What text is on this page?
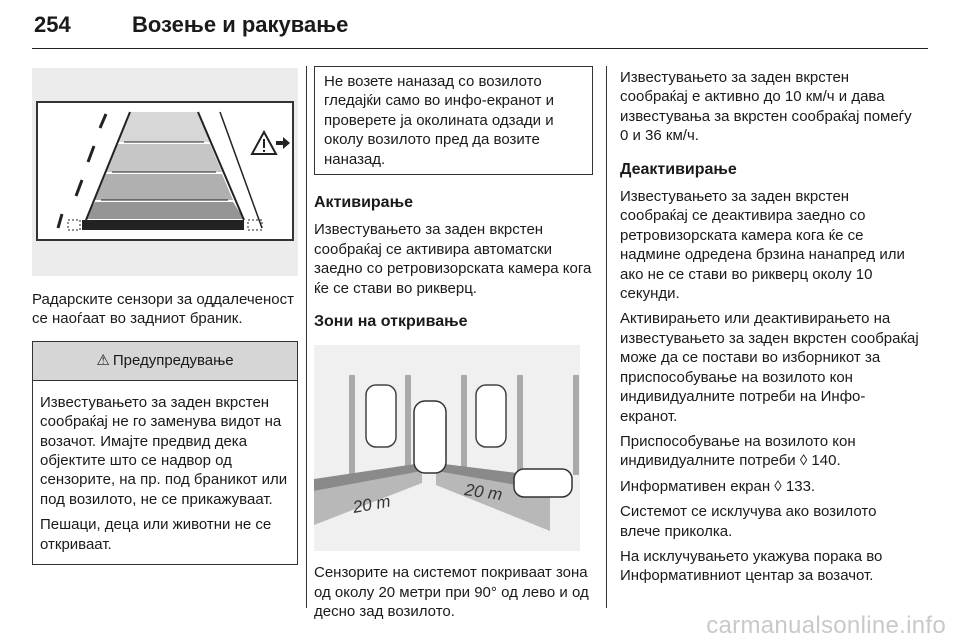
254	Возење и ракување

Радарските сензори за оддалеченост се наоѓаат во задниот браник.

⚠ Предупредување

Известувањето за заден вкрстен сообраќај не го заменува видот на возачот. Имајте предвид дека објектите што се надвор од сензорите, на пр. под браникот или под возилото, не се прикажуваат.

Пешаци, деца или животни не се откриваат.

Не возете наназад со возилото гледајќи само во инфо-екранот и проверете ја околината одзади и околу возилото пред да возите наназад.
Активирање

Известувањето за заден вкрстен сообраќај се активира автоматски заедно со ретровизорската камера кога ќе се стави во рикверц.

Зони на откривање
20 m	20 m

Сензорите на системот покриваат зона од околу 20 метри при 90° од лево и од десно зад возилото.

Известувањето за заден вкрстен сообраќај е активно до 10 км/ч и дава известувања за вкрстен сообраќај помеѓу 0 и 36 км/ч.

Деактивирање

Известувањето за заден вкрстен сообраќај се деактивира заедно со ретровизорската камера кога ќе се надмине одредена брзина нанапред или ако не се стави во рикверц околу 10 секунди.

Активирањето или деактивирањето на известувањето за заден вкрстен сообраќај може да се постави во изборникот за приспособување на возилото кон индивидуалните потреби на Инфо-екранот.

Приспособување на возилото кон индивидуалните потреби ◊ 140.

Информативен екран ◊ 133.

Системот се исклучува ако возилото влече приколка.

На исклучувањето укажува порака во Информативниот центар за возачот.

carmanualsonline.info
